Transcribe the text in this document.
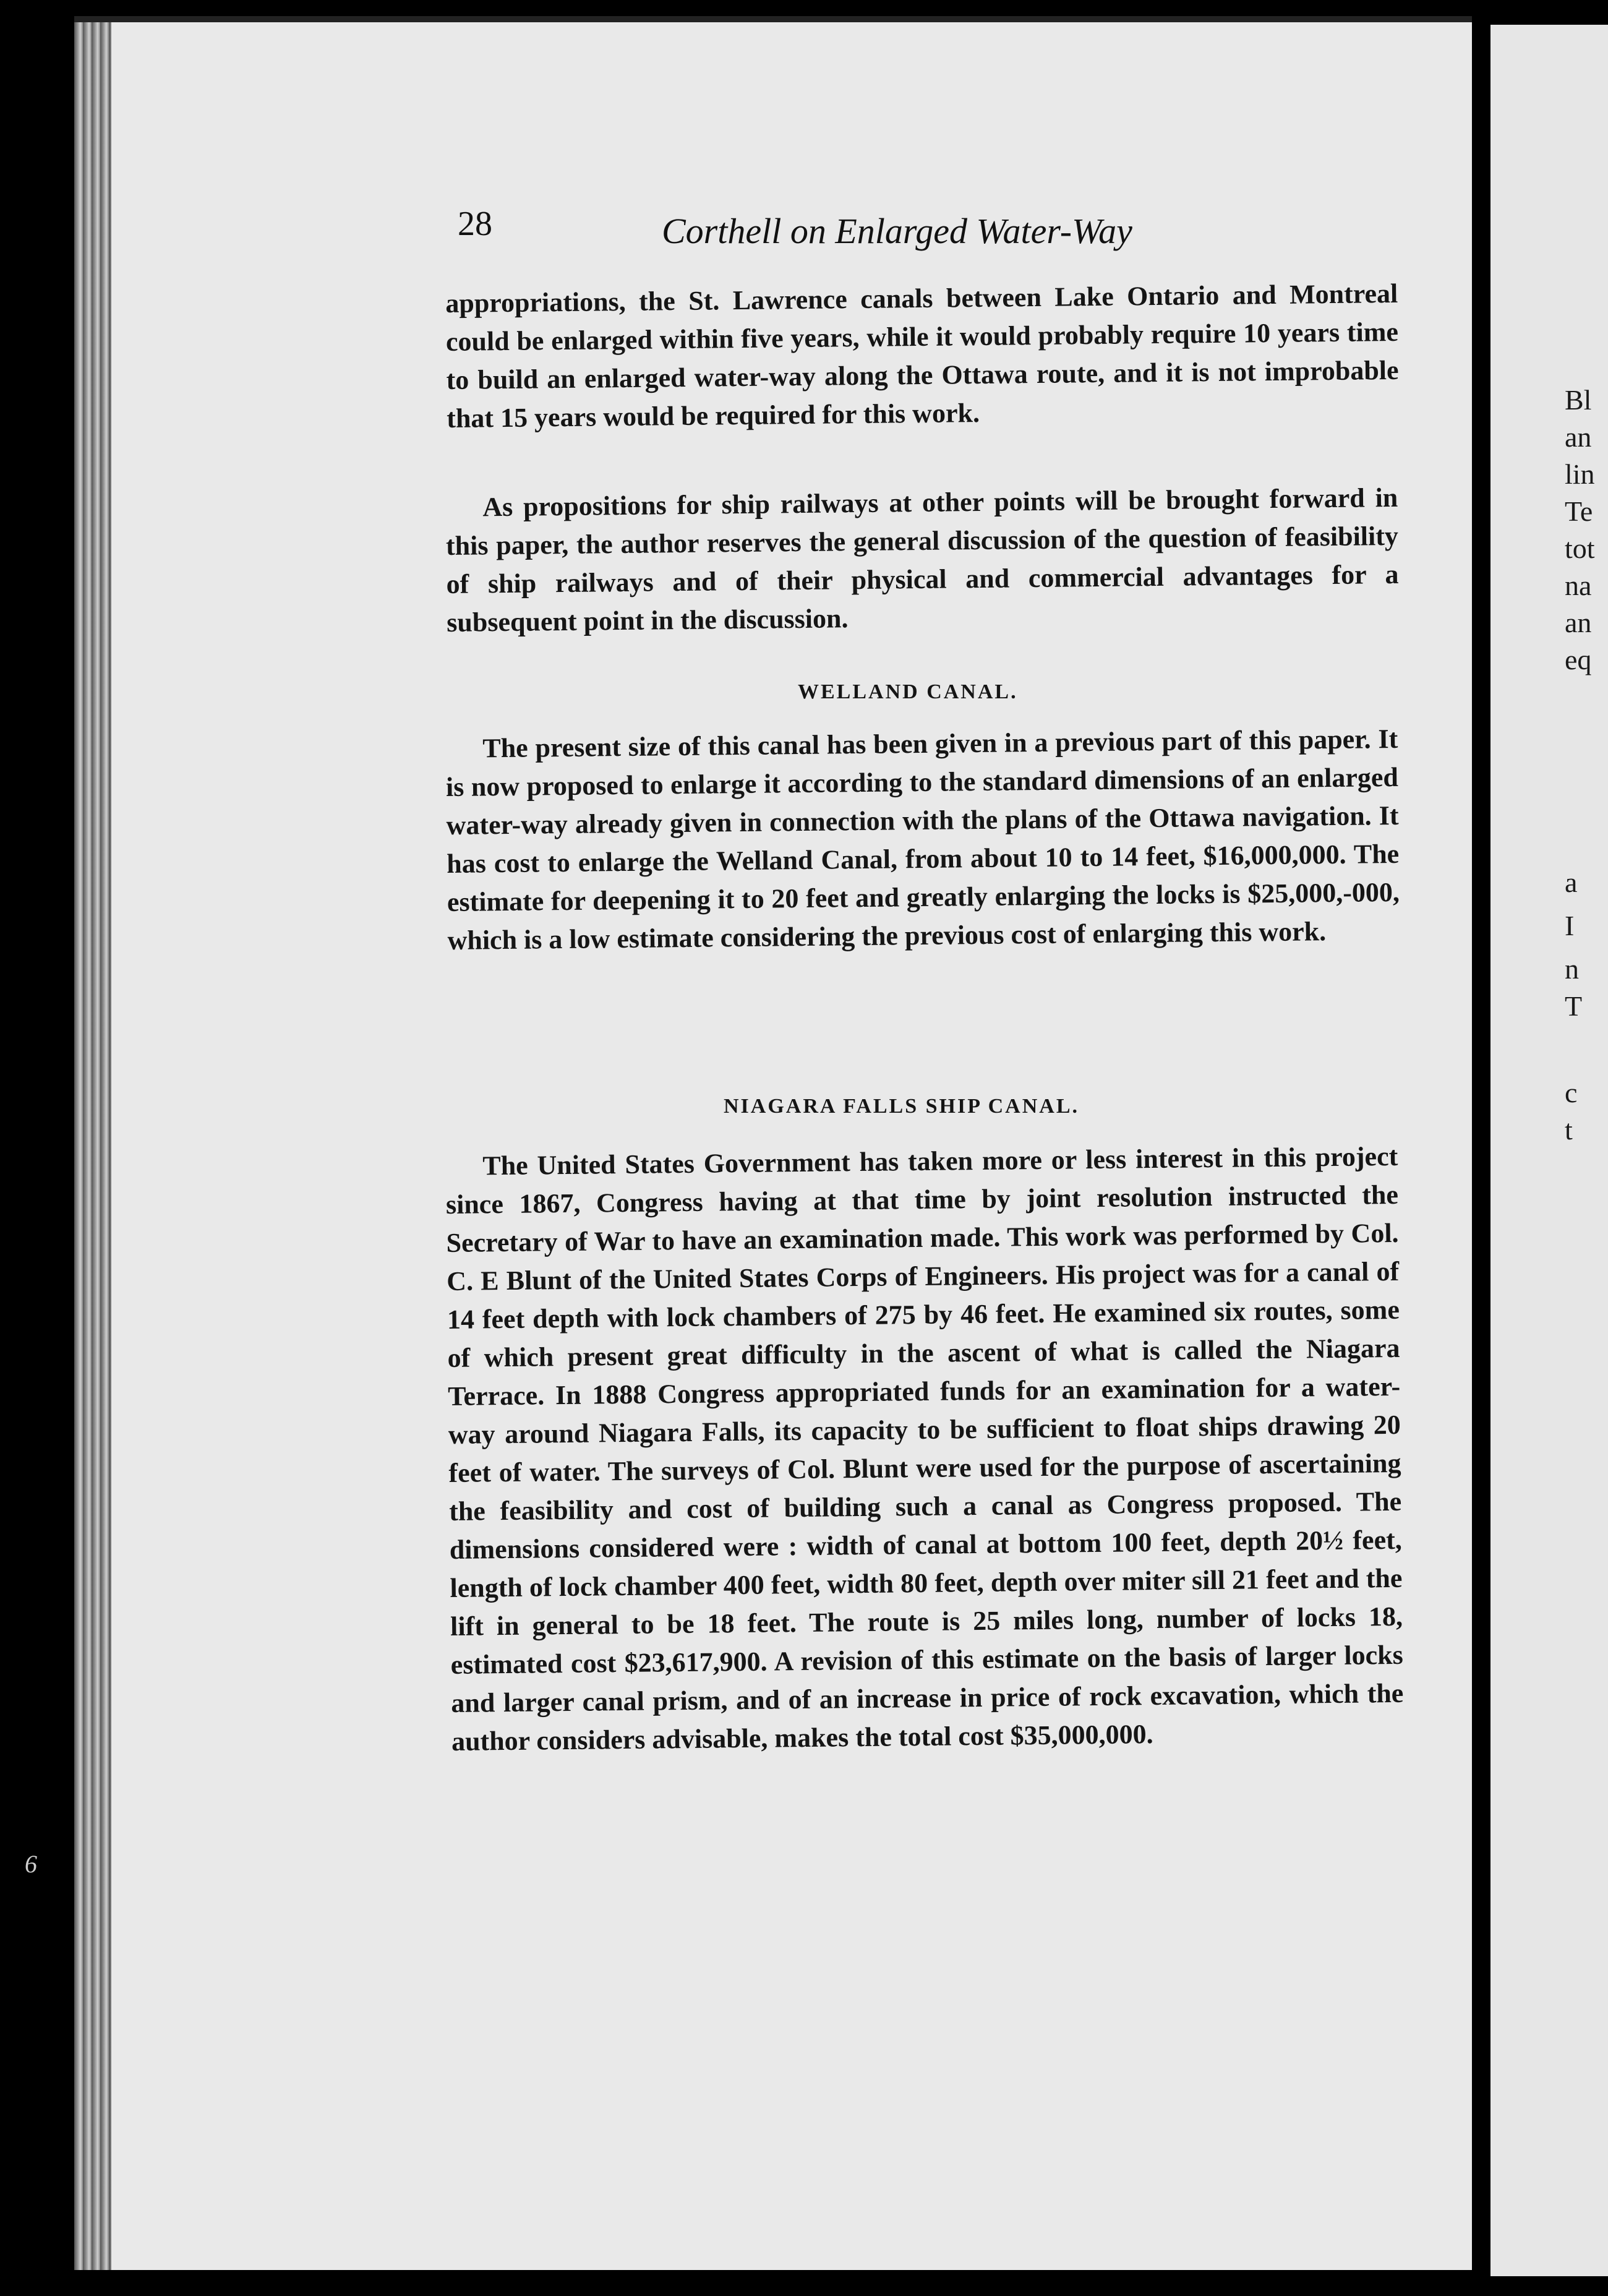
Bl
an
lin
Te
tot
na
an
eq
a
I
n
T
c
t
6
28	Corthell on Enlarged Water-Way

appropriations, the St. Lawrence canals between Lake Ontario and Montreal could be enlarged within five years, while it would probably require 10 years time to build an enlarged water-way along the Ottawa route, and it is not improbable that 15 years would be required for this work.

As propositions for ship railways at other points will be brought forward in this paper, the author reserves the general discussion of the question of feasibility of ship railways and of their physical and commercial advantages for a subsequent point in the discussion.

WELLAND CANAL.

The present size of this canal has been given in a previous part of this paper. It is now proposed to enlarge it according to the standard dimensions of an enlarged water-way already given in connection with the plans of the Ottawa navigation. It has cost to enlarge the Welland Canal, from about 10 to 14 feet, $16,000,000. The estimate for deepening it to 20 feet and greatly enlarging the locks is $25,000,-000, which is a low estimate considering the previous cost of enlarging this work.

NIAGARA FALLS SHIP CANAL.

The United States Government has taken more or less interest in this project since 1867, Congress having at that time by joint resolution instructed the Secretary of War to have an examination made. This work was performed by Col. C. E Blunt of the United States Corps of Engineers. His project was for a canal of 14 feet depth with lock chambers of 275 by 46 feet. He examined six routes, some of which present great difficulty in the ascent of what is called the Niagara Terrace. In 1888 Congress appropriated funds for an examination for a water-way around Niagara Falls, its capacity to be sufficient to float ships drawing 20 feet of water. The surveys of Col. Blunt were used for the purpose of ascertaining the feasibility and cost of building such a canal as Congress proposed. The dimensions considered were : width of canal at bottom 100 feet, depth 20½ feet, length of lock chamber 400 feet, width 80 feet, depth over miter sill 21 feet and the lift in general to be 18 feet. The route is 25 miles long, number of locks 18, estimated cost $23,617,900. A revision of this estimate on the basis of larger locks and larger canal prism, and of an increase in price of rock excavation, which the author considers advisable, makes the total cost $35,000,000.
